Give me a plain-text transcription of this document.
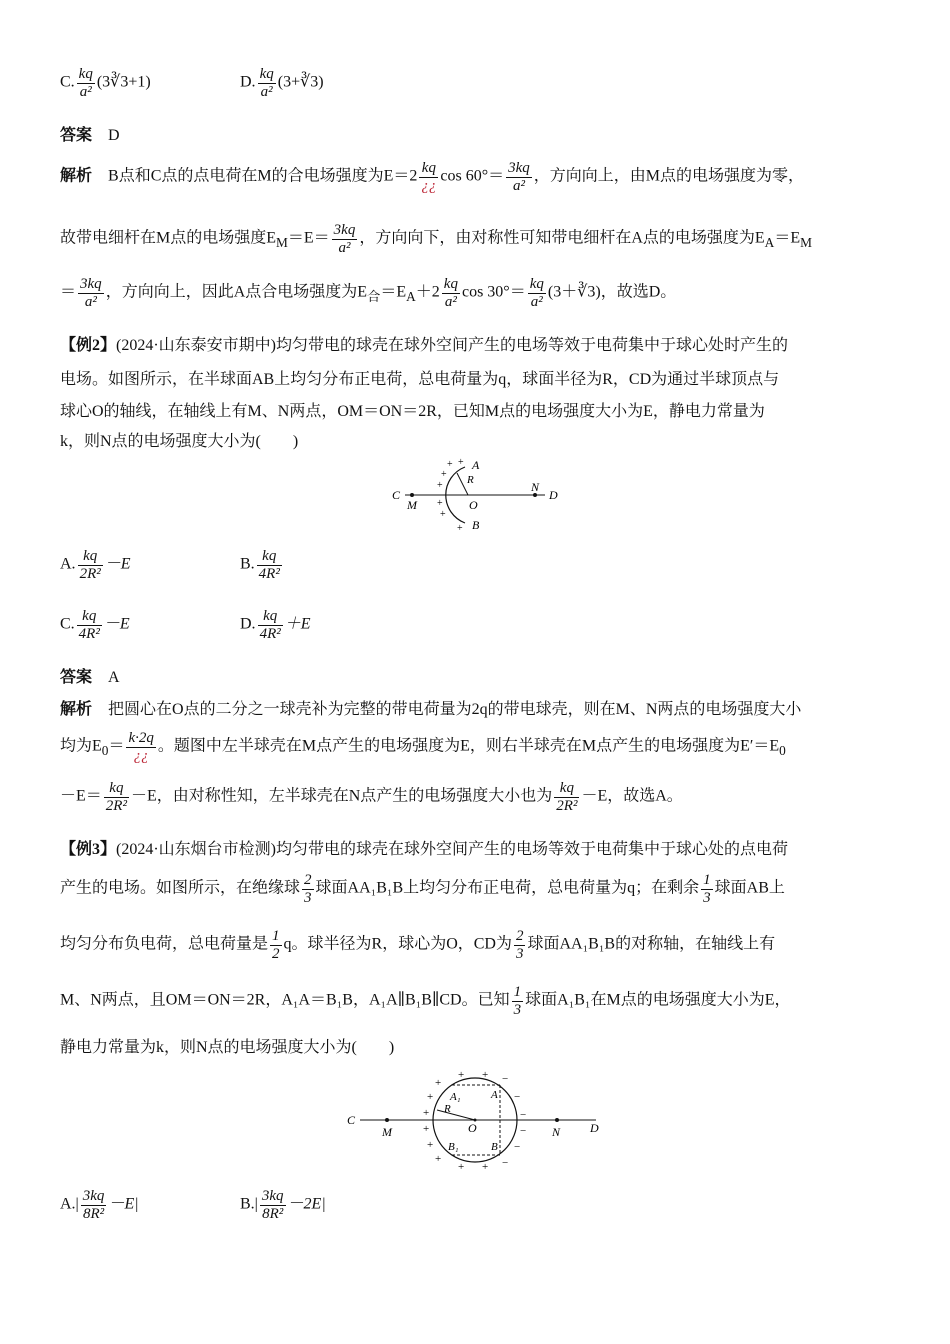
C. $\frac{kq}{\text{a²}}$ (3∛3+1)	D. $\frac{kq}{\text{a²}}$ (3+∛3)
答案　 D
解析　 B点和C点的点电荷在M的合电场强度为$E=2 \frac{kq}{¿¿}$ $\cos 60^\circ= \frac{3kq}{\text{a²}}$ ，方向向上，由M点的电场强度为零，
故带电细杆在M点的电场强度$E_M=E= \frac{3kq}{\text{a²}}$ ，方向向下，由对称性可知带电细杆在A点的电场强度为$E_A=E_M$
＝ $\frac{3kq}{\text{a²}}$ ，方向向上，因此A点合电场强度为$E_合=E_A+2 \frac{kq}{\text{a²}}$ $\cos 30^\circ= \frac{kq}{\text{a²}}$ (3＋∛3)，故选D。
【例2】(2024·山东泰安市期中)均匀带电的球壳在球外空间产生的电场等效于电荷集中于球心处时产生的
电场。如图所示，在半球面AB上均匀分布正电荷，总电荷量为q，球面半径为R，CD为通过半球顶点与
球心O的轴线，在轴线上有M、N两点，OM＝ON＝2R，已知M点的电场强度大小为E，静电力常量为
k，则N点的电场强度大小为(　　)
C
M	O
N
D
A
B
R
+ +
+
+
+
+
+
A. $\frac{kq}{\text{2R²}} -E$	B. $\frac{kq}{\text{4R²}}$
C. $\frac{kq}{\text{4R²}} -E$	D. $\frac{kq}{\text{4R²}} +E$
答案　 A
解析　 把圆心在O点的二分之一球壳补为完整的带电荷量为2q的带电球壳，则在M、N两点的电场强度大小
均为$E_0= \frac{k\cdot 2q}{¿¿}$ 。题图中左半球壳在M点产生的电场强度为E，则右半球壳在M点产生的电场强度为$E'=E_0$
$-E= \frac{kq}{\text{2R²}} -E$，由对称性知，左半球壳在N点产生的电场强度大小也为 $\frac{kq}{\text{2R²}} -E$，故选A。
【例3】(2024·山东烟台市检测)均匀带电的球壳在球外空间产生的电场等效于电荷集中于球心处的点电荷
产生的电场。如图所示，在绝缘球 $\frac{2}{3}$ 球面AA₁B₁B上均匀分布正电荷，总电荷量为q；在剩余 $\frac{1}{3}$ 球面AB上
均匀分布负电荷，总电荷量是 $\frac{1}{2}$ q。球半径为R，球心为O，CD为 $\frac{2}{3}$ 球面AA₁B₁B的对称轴，在轴线上有
M、N两点，且OM＝ON＝2R，A₁A＝B₁B，A₁A∥B₁B∥CD。已知 $\frac{1}{3}$ 球面A₁B₁在M点的电场强度大小为E，
静电力常量为k，则N点的电场强度大小为(　　)
C
M	O	N D
A₁	A
B₁	B
R
+
+ +
+
+
+
+
+
+ +
−
−
−
−
−
−
$A.| \frac{3kq}{\text{8R²}} -E|$	$B.| \frac{3kq}{\text{8R²}} -2E|$
